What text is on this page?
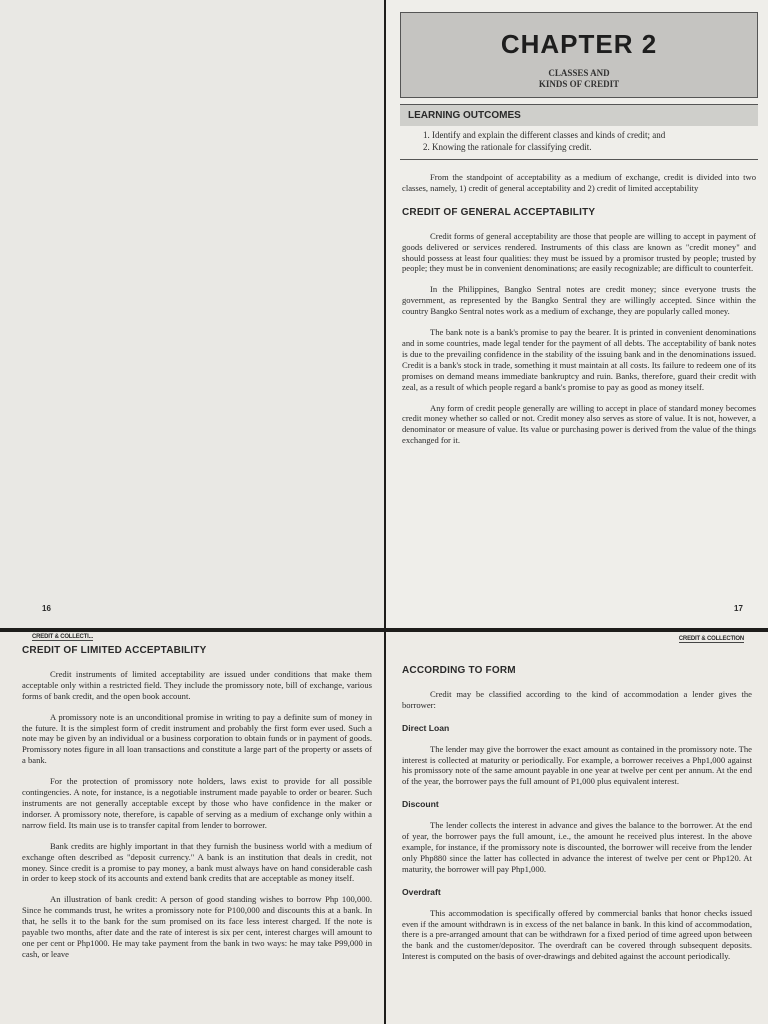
16
CHAPTER 2
CLASSES AND
KINDS OF CREDIT
LEARNING OUTCOMES
1. Identify and explain the different classes and kinds of credit; and
2. Knowing the rationale for classifying credit.

From the standpoint of acceptability as a medium of exchange, credit is divided into two classes, namely, 1) credit of general acceptability and 2) credit of limited acceptability

CREDIT OF GENERAL ACCEPTABILITY

Credit forms of general acceptability are those that people are willing to accept in payment of goods delivered or services rendered. Instruments of this class are known as "credit money" and should possess at least four qualities: they must be issued by a promisor trusted by people; trusted by people; they must be in convenient denominations; are easily recognizable; are difficult to counterfeit.

In the Philippines, Bangko Sentral notes are credit money; since everyone trusts the government, as represented by the Bangko Sentral they are willingly accepted. Since within the country Bangko Sentral notes work as a medium of exchange, they are popularly called money.

The bank note is a bank's promise to pay the bearer. It is printed in convenient denominations and in some countries, made legal tender for the payment of all debts. The acceptability of bank notes is due to the prevailing confidence in the stability of the issuing bank and in the denominations issued. Credit is a bank's stock in trade, something it must maintain at all costs. Its failure to redeem one of its promises on demand means immediate bankruptcy and ruin. Banks, therefore, guard their credit with zeal, as a result of which people regard a bank's promise to pay as good as money itself.

Any form of credit people generally are willing to accept in place of standard money becomes credit money whether so called or not. Credit money also serves as store of value. It is not, however, a denominator or measure of value. Its value or purchasing power is derived from the value of the things exchanged for it.

17
CREDIT & COLLECTI...
CREDIT OF LIMITED ACCEPTABILITY

Credit instruments of limited acceptability are issued under conditions that make them acceptable only within a restricted field. They include the promissory note, bill of exchange, various forms of bank credit, and the open book account.

A promissory note is an unconditional promise in writing to pay a definite sum of money in the future. It is the simplest form of credit instrument and probably the first form ever used. Such a note may be given by an individual or a business corporation to obtain funds or in payment of goods. Promissory notes figure in all loan transactions and constitute a large part of the property or assets of a bank.

For the protection of promissory note holders, laws exist to provide for all possible contingencies. A note, for instance, is a negotiable instrument made payable to order or bearer. Such instruments are not generally acceptable except by those who have confidence in the maker or indorser. A promissory note, therefore, is capable of serving as a medium of exchange only within a narrow field. Its main use is to transfer capital from lender to borrower.

Bank credits are highly important in that they furnish the business world with a medium of exchange often described as "deposit currency." A bank is an institution that deals in credit, not money. Since credit is a promise to pay money, a bank must always have on hand considerable cash in order to keep stock of its accounts and extend bank credits that are acceptable as money itself.

An illustration of bank credit: A person of good standing wishes to borrow Php 100,000. Since he commands trust, he writes a promissory note for P100,000 and discounts this at a bank. In that, he sells it to the bank for the sum promised on its face less interest charged. If the note is payable two months, after date and the rate of interest is six per cent, interest charges will amount to one per cent or Php1000. He may take payment from the bank in two ways: he may take P99,000 in cash, or leave

CREDIT & COLLECTION
ACCORDING TO FORM

Credit may be classified according to the kind of accommodation a lender gives the borrower:

Direct Loan

The lender may give the borrower the exact amount as contained in the promissory note. The interest is collected at maturity or periodically. For example, a borrower receives a Php1,000 against his promissory note of the same amount payable in one year at twelve per cent per annum. At the end of the year, the borrower pays the full amount of P1,000 plus equivalent interest.

Discount

The lender collects the interest in advance and gives the balance to the borrower. At the end of year, the borrower pays the full amount, i.e., the amount he received plus interest. In the above example, for instance, if the promissory note is discounted, the borrower will receive from the lender only Php880 since the latter has collected in advance the interest of twelve per cent or Php120. At maturity, the borrower will pay Php1,000.

Overdraft

This accommodation is specifically offered by commercial banks that honor checks issued even if the amount withdrawn is in excess of the net balance in bank. In this kind of accommodation, there is a pre-arranged amount that can be withdrawn for a fixed period of time agreed upon between the bank and the customer/depositor. The overdraft can be covered through subsequent deposits. Interest is computed on the basis of over-drawings and debited against the account periodically.
